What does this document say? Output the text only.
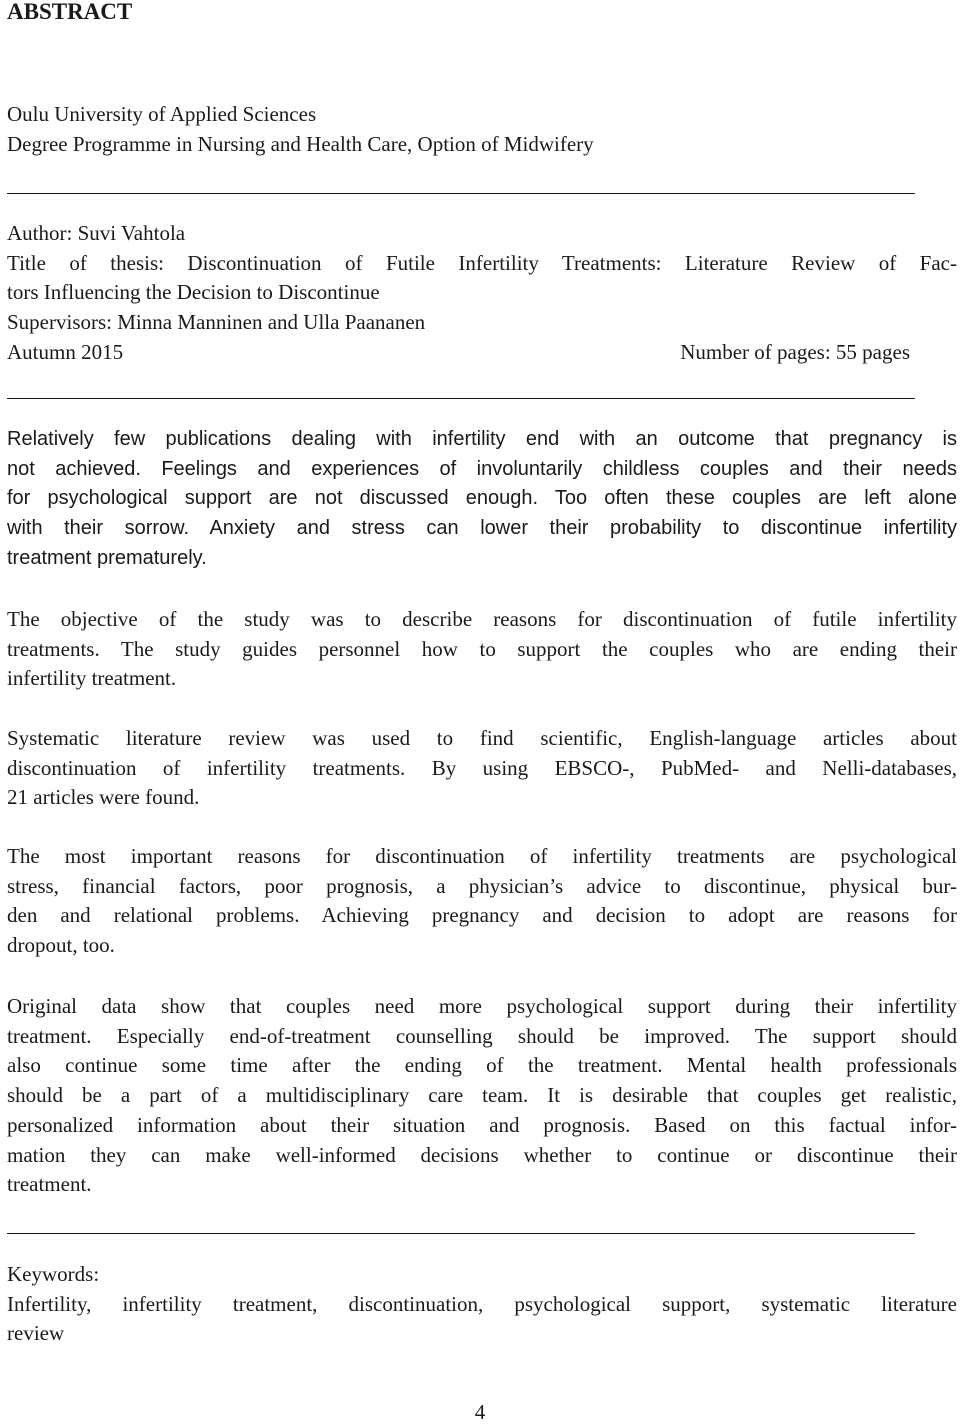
ABSTRACT
Oulu University of Applied Sciences
Degree Programme in Nursing and Health Care, Option of Midwifery
Author: Suvi Vahtola
Title of thesis: Discontinuation of Futile Infertility Treatments: Literature Review of Fac-
tors Influencing the Decision to Discontinue
Supervisors: Minna Manninen and Ulla Paananen
Autumn 2015	Number of pages: 55 pages
Relatively few publications dealing with infertility end with an outcome that pregnancy is
not achieved. Feelings and experiences of involuntarily childless couples and their needs
for psychological support are not discussed enough. Too often these couples are left alone
with their sorrow. Anxiety and stress can lower their probability to discontinue infertility
treatment prematurely.
The objective of the study was to describe reasons for discontinuation of futile infertility
treatments. The study guides personnel how to support the couples who are ending their
infertility treatment.
Systematic literature review was used to find scientific, English-language articles about
discontinuation of infertility treatments. By using EBSCO-, PubMed- and Nelli-databases,
21 articles were found.
The most important reasons for discontinuation of infertility treatments are psychological
stress, financial factors, poor prognosis, a physician’s advice to discontinue, physical bur-
den and relational problems. Achieving pregnancy and decision to adopt are reasons for
dropout, too.
Original data show that couples need more psychological support during their infertility
treatment. Especially end-of-treatment counselling should be improved. The support should
also continue some time after the ending of the treatment. Mental health professionals
should be a part of a multidisciplinary care team. It is desirable that couples get realistic,
personalized information about their situation and prognosis. Based on this factual infor-
mation they can make well-informed decisions whether to continue or discontinue their
treatment.
Keywords:
Infertility, infertility treatment, discontinuation, psychological support, systematic literature
review
4
